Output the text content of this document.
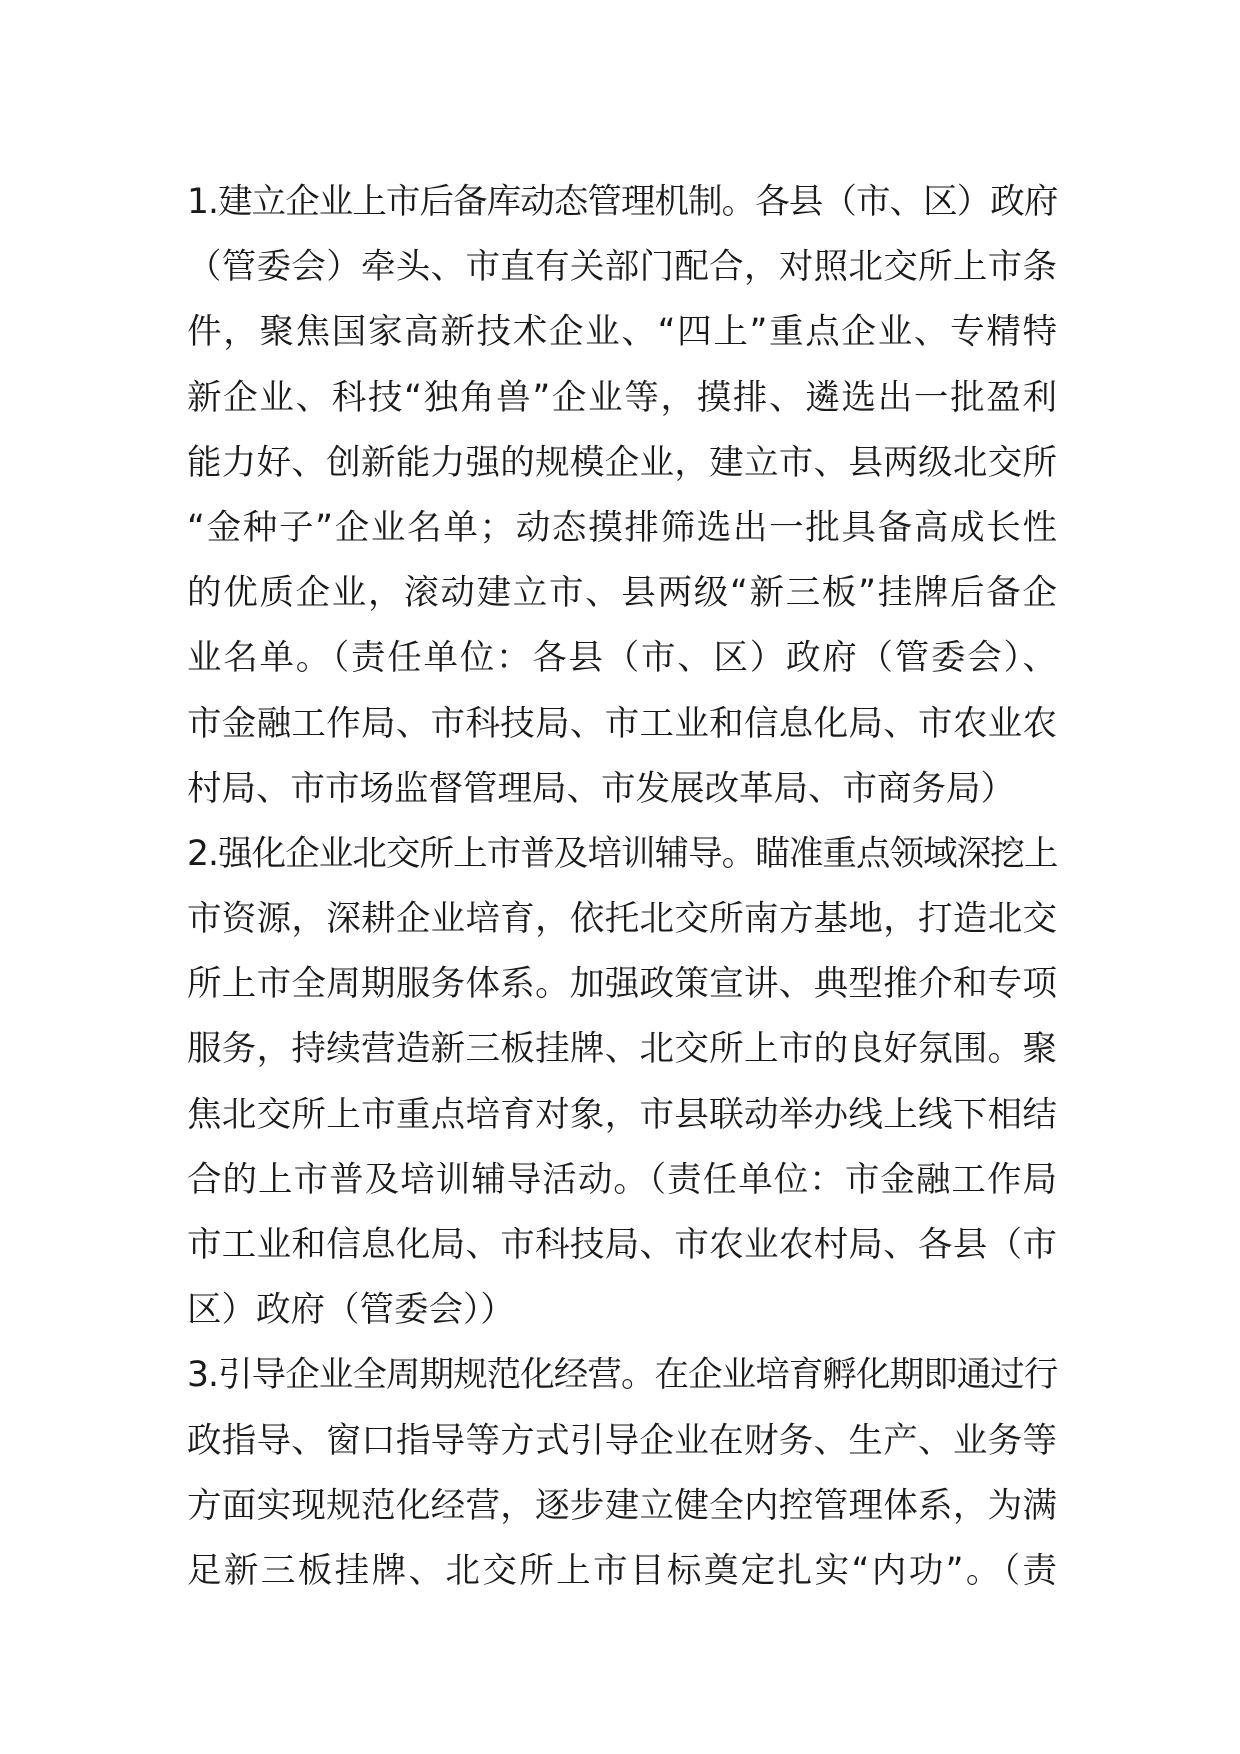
1.建立企业上市后备库动态管理机制。各县（市、区）政府
（管委会）牵头、市直有关部门配合，对照北交所上市条
件，聚焦国家高新技术企业、“四上”重点企业、专精特
新企业、科技“独角兽”企业等，摸排、遴选出一批盈利
能力好、创新能力强的规模企业，建立市、县两级北交所
“金种子”企业名单；动态摸排筛选出一批具备高成长性
的优质企业，滚动建立市、县两级“新三板”挂牌后备企
业名单。（责任单位：各县（市、区）政府（管委会）、
市金融工作局、市科技局、市工业和信息化局、市农业农
村局、市市场监督管理局、市发展改革局、市商务局）
2.强化企业北交所上市普及培训辅导。瞄准重点领域深挖上
市资源，深耕企业培育，依托北交所南方基地，打造北交
所上市全周期服务体系。加强政策宣讲、典型推介和专项
服务，持续营造新三板挂牌、北交所上市的良好氛围。聚
焦北交所上市重点培育对象，市县联动举办线上线下相结
合的上市普及培训辅导活动。（责任单位：市金融工作局
市工业和信息化局、市科技局、市农业农村局、各县（市
区）政府（管委会））
3.引导企业全周期规范化经营。在企业培育孵化期即通过行
政指导、窗口指导等方式引导企业在财务、生产、业务等
方面实现规范化经营，逐步建立健全内控管理体系，为满
足新三板挂牌、北交所上市目标奠定扎实“内功”。（责
